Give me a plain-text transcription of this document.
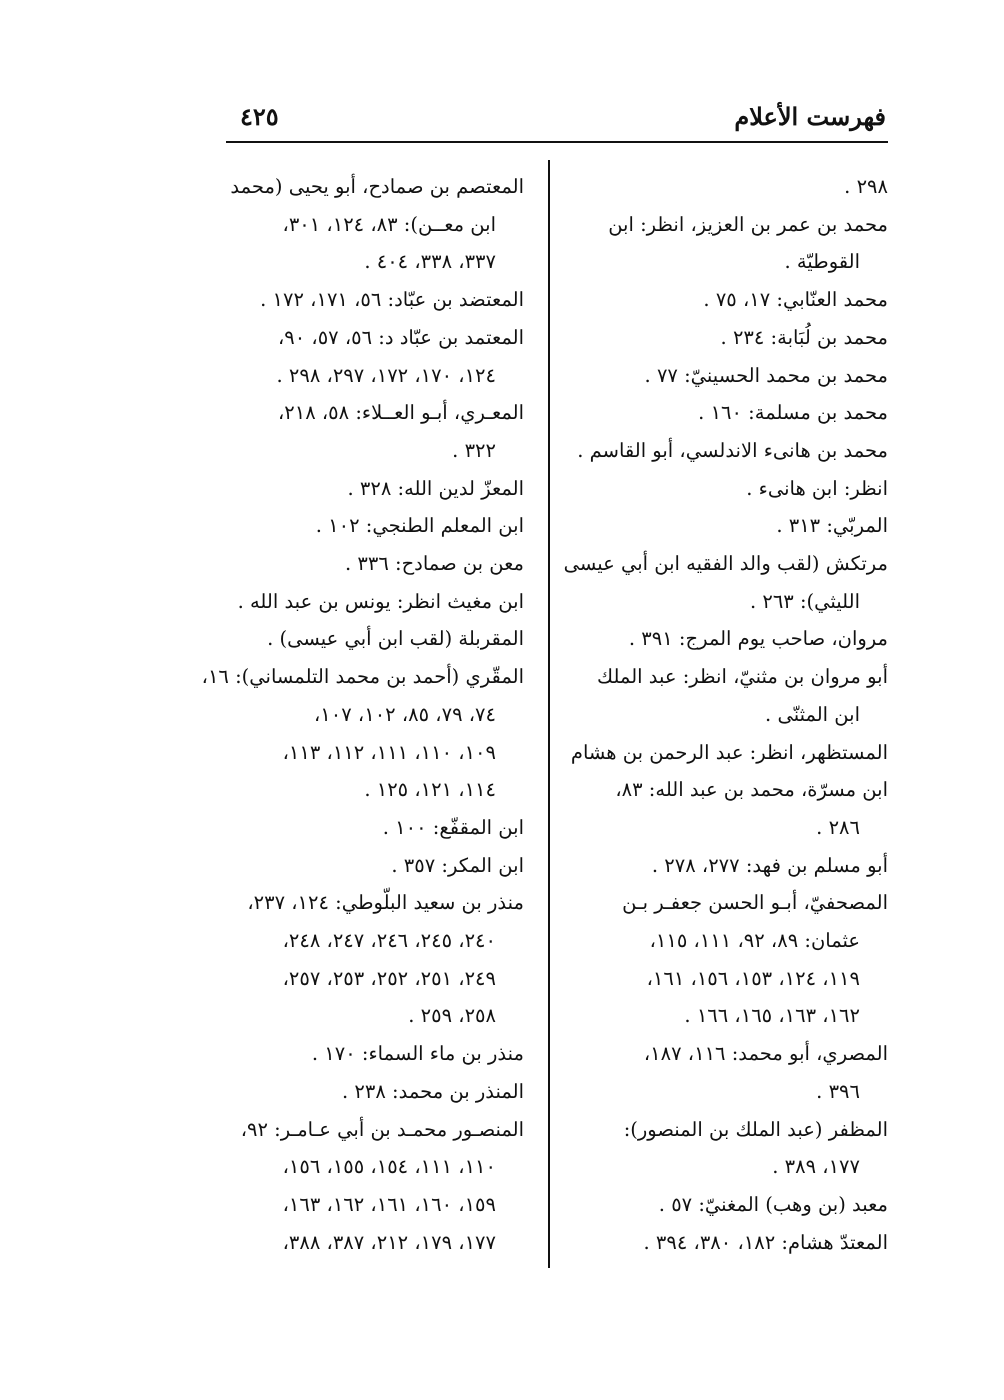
فهرست الأعلام
٤٢٥
٢٩٨ .
محمد بن عمر بن العزيز، انظر: ابن
القوطيّة .
محمد العنّابي: ١٧، ٧٥ .
محمد بن لُبَابة: ٢٣٤ .
محمد بن محمد الحسينيّ: ٧٧ .
محمد بن مسلمة: ١٦٠ .
محمد بن هانىء الاندلسي، أبو القاسم .
انظر: ابن هانىء .
المربّي: ٣١٣ .
مرتكش (لقب والد الفقيه ابن أبي عيسى
الليثي): ٢٦٣ .
مروان، صاحب يوم المرج: ٣٩١ .
أبو مروان بن مثنيّ، انظر: عبد الملك
ابن المثنّى .
المستظهر، انظر: عبد الرحمن بن هشام
ابن مسرّة، محمد بن عبد الله: ٨٣،
٢٨٦ .
أبو مسلم بن فهد: ٢٧٧، ٢٧٨ .
المصحفيّ، أبـو الحسن جعفـر بـن
عثمان: ٨٩، ٩٢، ١١١، ١١٥،
١١٩، ١٢٤، ١٥٣، ١٥٦، ١٦١،
١٦٢، ١٦٣، ١٦٥، ١٦٦ .
المصري، أبو محمد: ١١٦، ١٨٧،
٣٩٦ .
المظفر (عبد الملك بن المنصور):
١٧٧، ٣٨٩ .
معبد (بن وهب) المغنيّ: ٥٧ .
المعتدّ هشام: ١٨٢، ٣٨٠، ٣٩٤ .
المعتصم بن صمادح، أبو يحيى (محمد
ابن معــن): ٨٣، ١٢٤، ٣٠١،
٣٣٧، ٣٣٨، ٤٠٤ .
المعتضد بن عبّاد: ٥٦، ١٧١، ١٧٢ .
المعتمد بن عبّاد د: ٥٦، ٥٧، ٩٠،
١٢٤، ١٧٠، ١٧٢، ٢٩٧، ٢٩٨ .
المعـري، أبـو العــلاء: ٥٨، ٢١٨،
٣٢٢ .
المعزّ لدين الله: ٣٢٨ .
ابن المعلم الطنجي: ١٠٢ .
معن بن صمادح: ٣٣٦ .
ابن مغيث انظر: يونس بن عبد الله .
المقربلة (لقب ابن أبي عيسى) .
المقّري (أحمد بن محمد التلمساني): ١٦،
٧٤، ٧٩، ٨٥، ١٠٢، ١٠٧،
١٠٩، ١١٠، ١١١، ١١٢، ١١٣،
١١٤، ١٢١، ١٢٥ .
ابن المقفّع: ١٠٠ .
ابن المكر: ٣٥٧ .
منذر بن سعيد البلّوطي: ١٢٤، ٢٣٧،
٢٤٠، ٢٤٥، ٢٤٦، ٢٤٧، ٢٤٨،
٢٤٩، ٢٥١، ٢٥٢، ٢٥٣، ٢٥٧،
٢٥٨، ٢٥٩ .
منذر بن ماء السماء: ١٧٠ .
المنذر بن محمد: ٢٣٨ .
المنصـور محمـد بن أبي عـامـر: ٩٢،
١١٠، ١١١، ١٥٤، ١٥٥، ١٥٦،
١٥٩، ١٦٠، ١٦١، ١٦٢، ١٦٣،
١٧٧، ١٧٩، ٢١٢، ٣٨٧، ٣٨٨،
